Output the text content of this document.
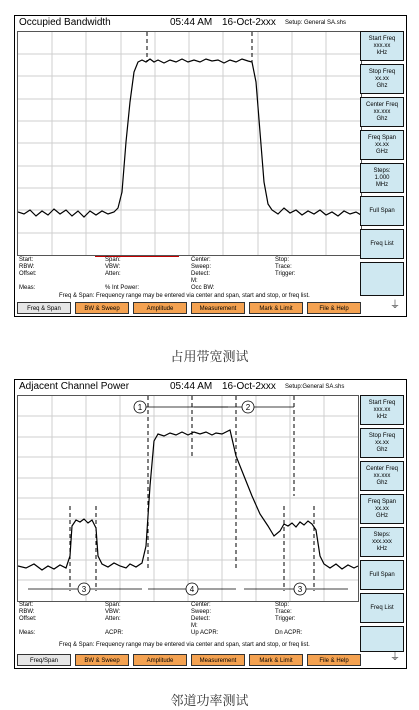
Occupied Bandwidth	05:44 AM 16-Oct-2xxx Setup: General SA.shs
Start Freq
xxx.xx
kHz
Stop Freq
xx.xx
Ghz
Center Freq
xx.xxx
Ghz
Freq Span
xx.xx
GHz
Steps:
1.000
MHz
Full Span
Freq List
Start:	Span:	Center:	Stop:
RBW:	VBW:	Sweep:	Trace:
Offset:	Atten:	Detect:	Trigger:
M:
Meas:	% Int Power:	Occ BW:
Freq & Span: Frequency range may be entered via center and span, start and stop, or freq list.
Freq & Span	BW & Sweep	Amplitude	Measurement	Mark & Limit	File & Help	⏚
占用带宽测试
Adjacent Channel Power	05:44 AM 16-Oct-2xxx Setup:General SA.shs
1	2
3	4	3
Start Freq
xxx.xx
kHz
Stop Freq
xx.xx
Ghz
Center Freq
xx.xxx
Ghz
Freq Span
xx.xx
GHz
Steps:
xxx.xxx
kHz
Full Span
Freq List
Start:	Span:	Center:	Stop:
RBW:	VBW:	Sweep:	Trace:
Offset:	Atten:	Detect:	Trigger:
M:
Meas:	ACPR:	Up ACPR:	Dn ACPR:
Freq & Span: Frequency range may be entered via center and span, start and stop, or freq list.
Freq/Span	BW & Sweep	Amplitude	Measurement	Mark & Limit	File & Help	⏚
邻道功率测试
